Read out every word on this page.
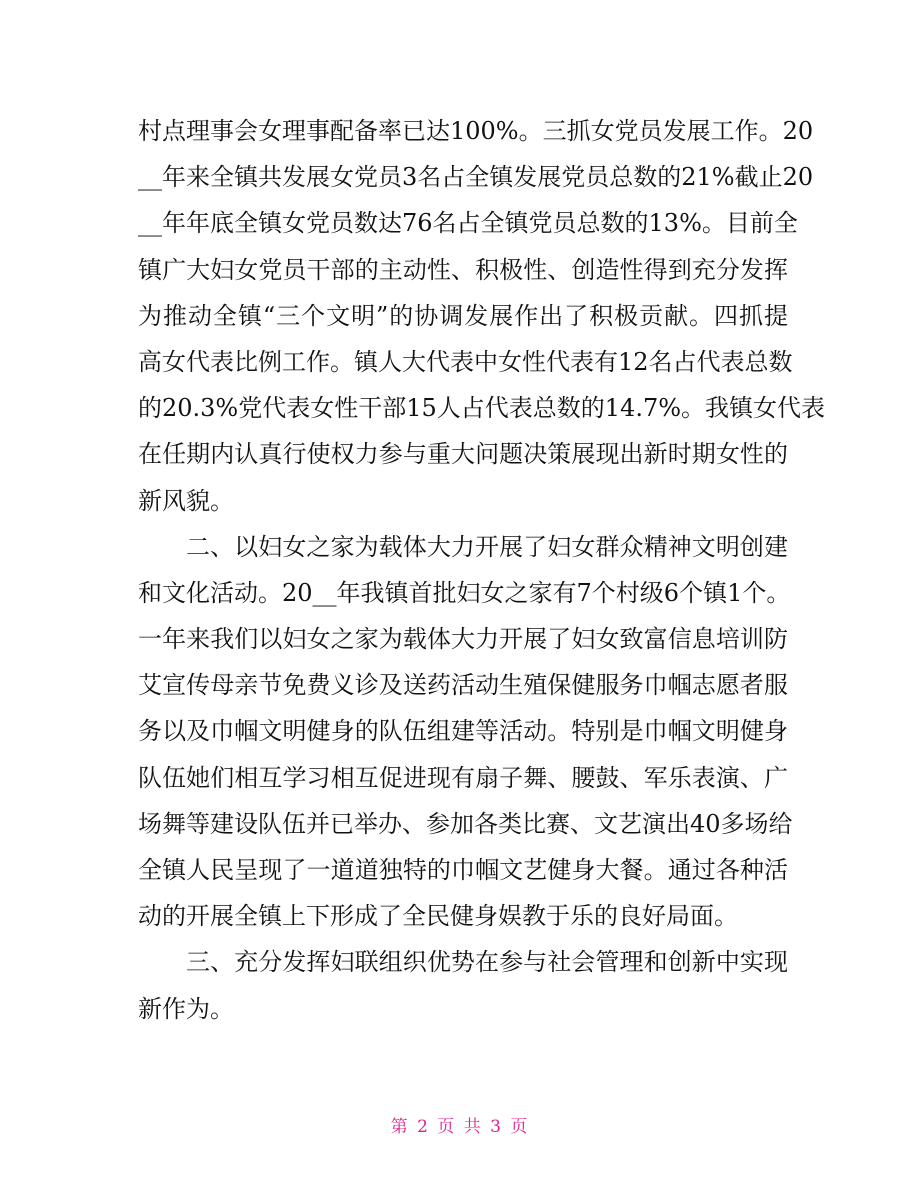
村点理事会女理事配备率已达100%。三抓女党员发展工作。20
__年来全镇共发展女党员3名占全镇发展党员总数的21%截止20
__年年底全镇女党员数达76名占全镇党员总数的13%。目前全
镇广大妇女党员干部的主动性、积极性、创造性得到充分发挥
为推动全镇“三个文明”的协调发展作出了积极贡献。四抓提
高女代表比例工作。镇人大代表中女性代表有12名占代表总数
的20.3%党代表女性干部15人占代表总数的14.7%。我镇女代表
在任期内认真行使权力参与重大问题决策展现出新时期女性的
新风貌。
二、以妇女之家为载体大力开展了妇女群众精神文明创建
和文化活动。20__年我镇首批妇女之家有7个村级6个镇1个。
一年来我们以妇女之家为载体大力开展了妇女致富信息培训防
艾宣传母亲节免费义诊及送药活动生殖保健服务巾帼志愿者服
务以及巾帼文明健身的队伍组建等活动。特别是巾帼文明健身
队伍她们相互学习相互促进现有扇子舞、腰鼓、军乐表演、广
场舞等建设队伍并已举办、参加各类比赛、文艺演出40多场给
全镇人民呈现了一道道独特的巾帼文艺健身大餐。通过各种活
动的开展全镇上下形成了全民健身娱教于乐的良好局面。
三、充分发挥妇联组织优势在参与社会管理和创新中实现
新作为。
第 2 页 共 3 页
